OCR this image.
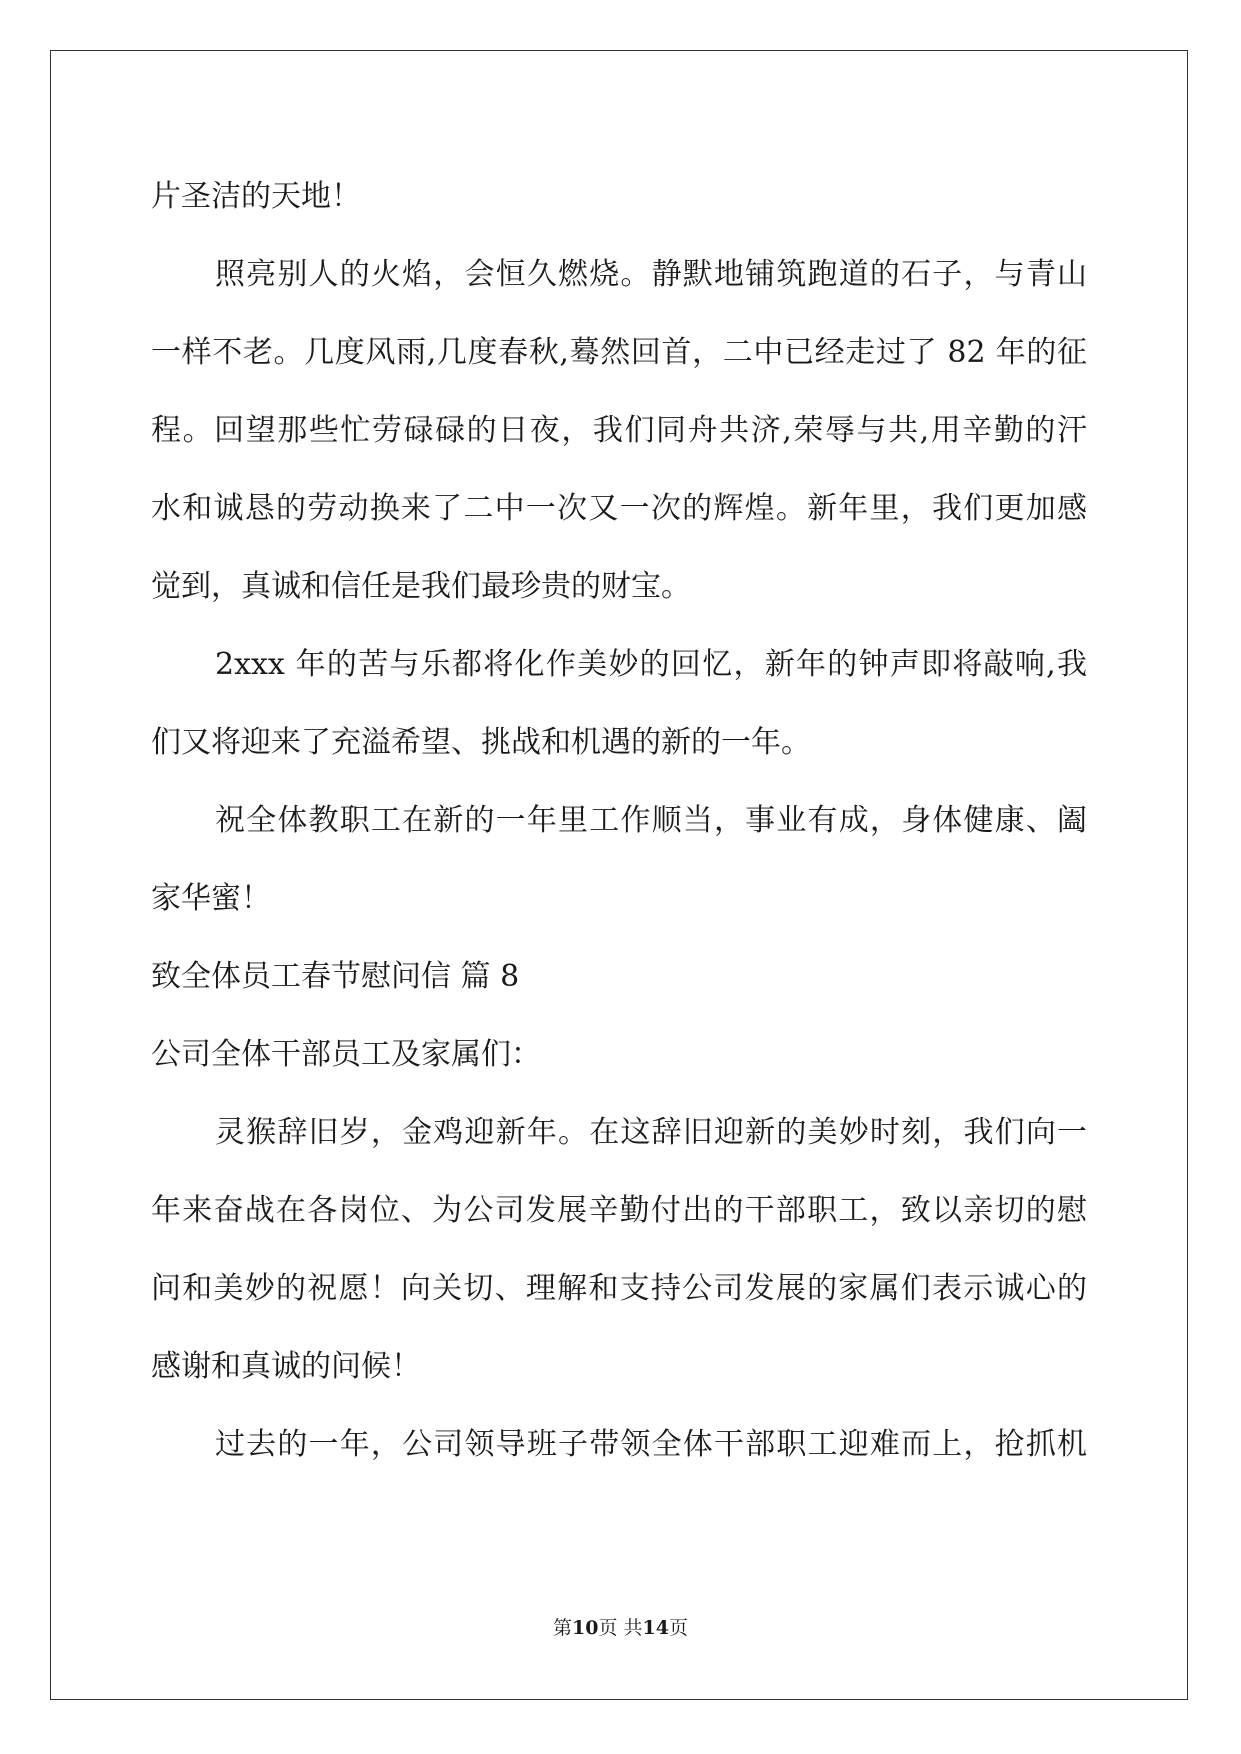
片圣洁的天地！
照亮别人的火焰，会恒久燃烧。静默地铺筑跑道的石子，与青山
一样不老。几度风雨,几度春秋,蓦然回首，二中已经走过了 82 年的征
程。回望那些忙劳碌碌的日夜，我们同舟共济,荣辱与共,用辛勤的汗
水和诚恳的劳动换来了二中一次又一次的辉煌。新年里，我们更加感
觉到，真诚和信任是我们最珍贵的财宝。
2xxx 年的苦与乐都将化作美妙的回忆，新年的钟声即将敲响,我
们又将迎来了充溢希望、挑战和机遇的新的一年。
祝全体教职工在新的一年里工作顺当，事业有成，身体健康、阖
家华蜜！
致全体员工春节慰问信 篇 8
公司全体干部员工及家属们：
灵猴辞旧岁，金鸡迎新年。在这辞旧迎新的美妙时刻，我们向一
年来奋战在各岗位、为公司发展辛勤付出的干部职工，致以亲切的慰
问和美妙的祝愿！向关切、理解和支持公司发展的家属们表示诚心的
感谢和真诚的问候！
过去的一年，公司领导班子带领全体干部职工迎难而上，抢抓机
第10页 共14页
